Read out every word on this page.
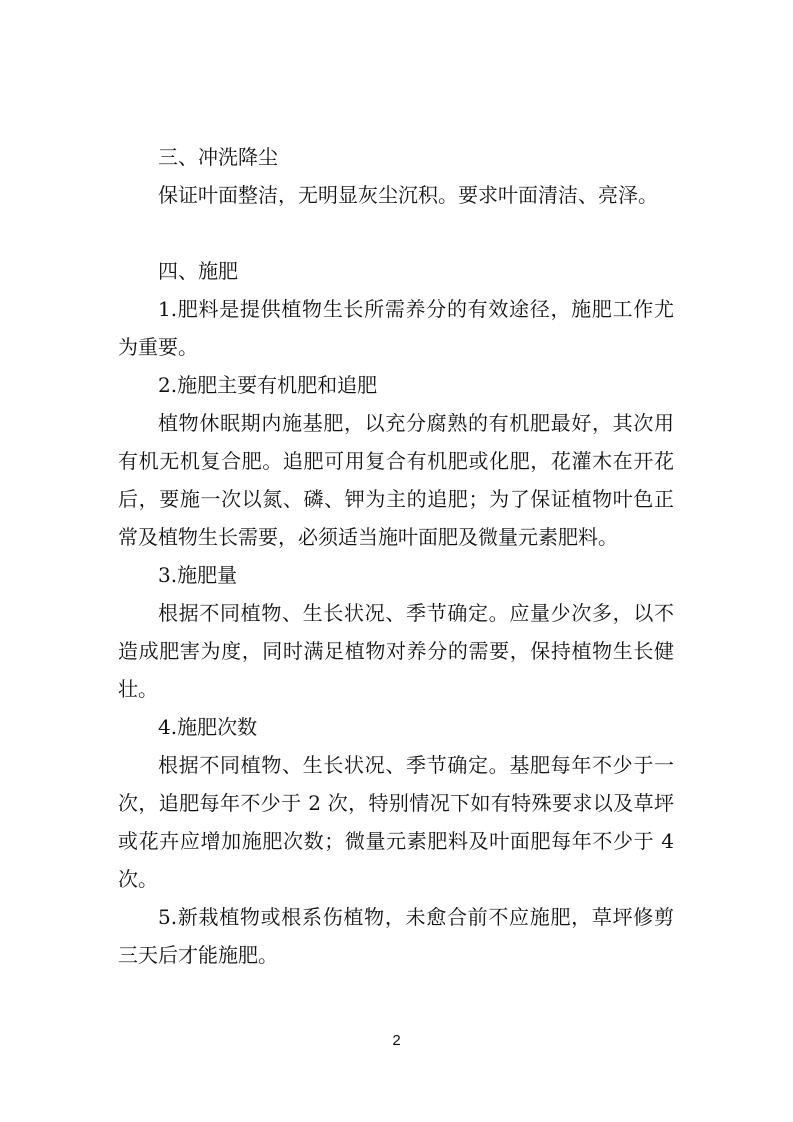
三、冲洗降尘

保证叶面整洁，无明显灰尘沉积。要求叶面清洁、亮泽。

四、施肥

1.肥料是提供植物生长所需养分的有效途径，施肥工作尤为重要。

2.施肥主要有机肥和追肥

植物休眠期内施基肥，以充分腐熟的有机肥最好，其次用有机无机复合肥。追肥可用复合有机肥或化肥，花灌木在开花后，要施一次以氮、磷、钾为主的追肥；为了保证植物叶色正常及植物生长需要，必须适当施叶面肥及微量元素肥料。

3.施肥量

根据不同植物、生长状况、季节确定。应量少次多，以不造成肥害为度，同时满足植物对养分的需要，保持植物生长健壮。

4.施肥次数

根据不同植物、生长状况、季节确定。基肥每年不少于一次，追肥每年不少于 2 次，特别情况下如有特殊要求以及草坪或花卉应增加施肥次数；微量元素肥料及叶面肥每年不少于 4 次。

5.新栽植物或根系伤植物，未愈合前不应施肥，草坪修剪三天后才能施肥。

2
